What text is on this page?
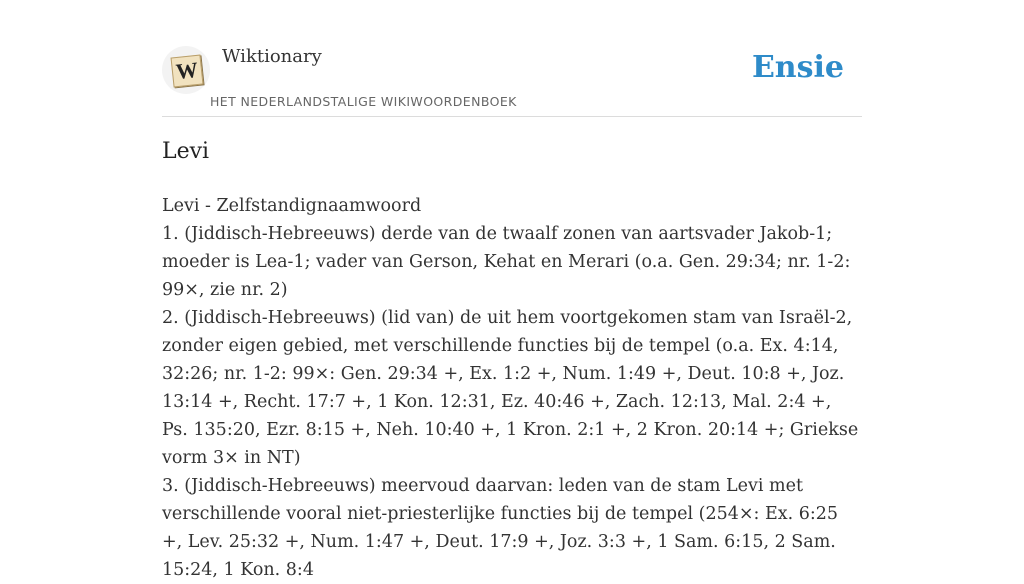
W
Wiktionary
HET NEDERLANDSTALIGE WIKIWOORDENBOEK
Ensie
Levi

Levi - Zelfstandignaamwoord

1. (Jiddisch-Hebreeuws) derde van de twaalf zonen van aartsvader Jakob-1; moeder is Lea-1; vader van Gerson, Kehat en Merari (o.a. Gen. 29:34; nr. 1-2: 99×, zie nr. 2)

2. (Jiddisch-Hebreeuws) (lid van) de uit hem voortgekomen stam van Israël-2, zonder eigen gebied, met verschillende functies bij de tempel (o.a. Ex. 4:14, 32:26; nr. 1-2: 99×: Gen. 29:34 +, Ex. 1:2 +, Num. 1:49 +, Deut. 10:8 +, Joz. 13:14 +, Recht. 17:7 +, 1 Kon. 12:31, Ez. 40:46 +, Zach. 12:13, Mal. 2:4 +, Ps. 135:20, Ezr. 8:15 +, Neh. 10:40 +, 1 Kron. 2:1 +, 2 Kron. 20:14 +; Griekse vorm 3× in NT)

3. (Jiddisch-Hebreeuws) meervoud daarvan: leden van de stam Levi met verschillende vooral niet-priesterlijke functies bij de tempel (254×: Ex. 6:25 +, Lev. 25:32 +, Num. 1:47 +, Deut. 17:9 +, Joz. 3:3 +, 1 Sam. 6:15, 2 Sam. 15:24, 1 Kon. 8:4
